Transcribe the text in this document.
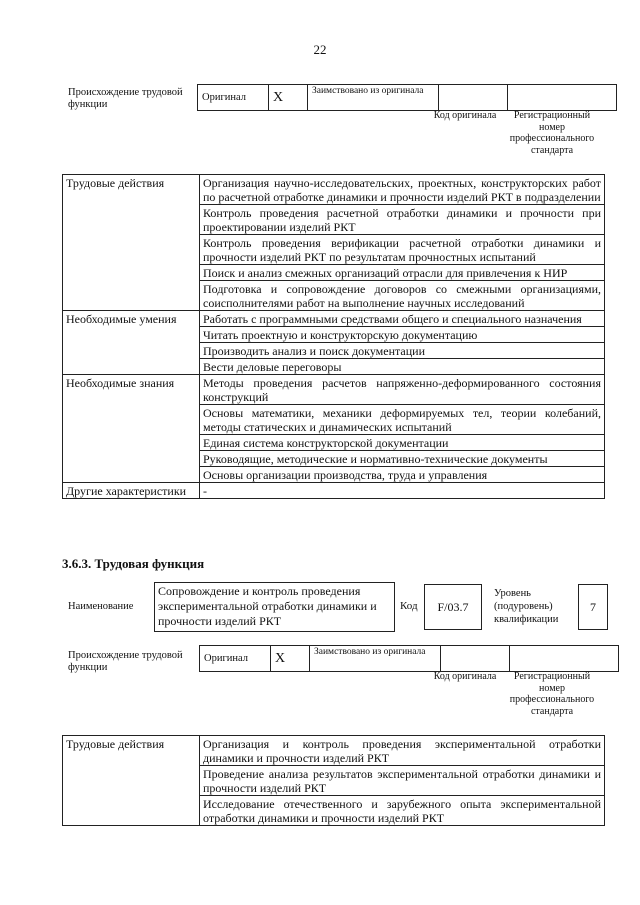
22
Происхождение трудовой функции
Оригинал	X	Заимствовано из оригинала		
Код оригинала	Регистрационный номер профессионального стандарта
Трудовые действия	Организация научно-исследовательских, проектных, конструкторских работ по расчетной отработке динамики и прочности изделий РКТ в подразделении
	Контроль проведения расчетной отработки динамики и прочности при проектировании изделий РКТ
	Контроль проведения верификации расчетной отработки динамики и прочности изделий РКТ по результатам прочностных испытаний
	Поиск и анализ смежных организаций отрасли для привлечения к НИР
	Подготовка и сопровождение договоров со смежными организациями, соисполнителями работ на выполнение научных исследований
Необходимые умения	Работать с программными средствами общего и специального назначения
	Читать проектную и конструкторскую документацию
	Производить анализ и поиск документации
	Вести деловые переговоры
Необходимые знания	Методы проведения расчетов напряженно-деформированного состояния конструкций
	Основы математики, механики деформируемых тел, теории колебаний, методы статических и динамических испытаний
	Единая система конструкторской документации
	Руководящие, методические и нормативно-технические документы
	Основы организации производства, труда и управления
Другие характеристики	-
3.6.3. Трудовая функция
Наименование
Сопровождение и контроль проведения экспериментальной отработки динамики и прочности изделий РКТ
Код	F/03.7
Уровень (подуровень) квалификации
7
Происхождение трудовой функции
Оригинал	X	Заимствовано из оригинала		
Код оригинала	Регистрационный номер профессионального стандарта
Трудовые действия	Организация и контроль проведения экспериментальной отработки динамики и прочности изделий РКТ
Проведение анализа результатов экспериментальной отработки динамики и прочности изделий РКТ
Исследование отечественного и зарубежного опыта экспериментальной отработки динамики и прочности изделий РКТ
